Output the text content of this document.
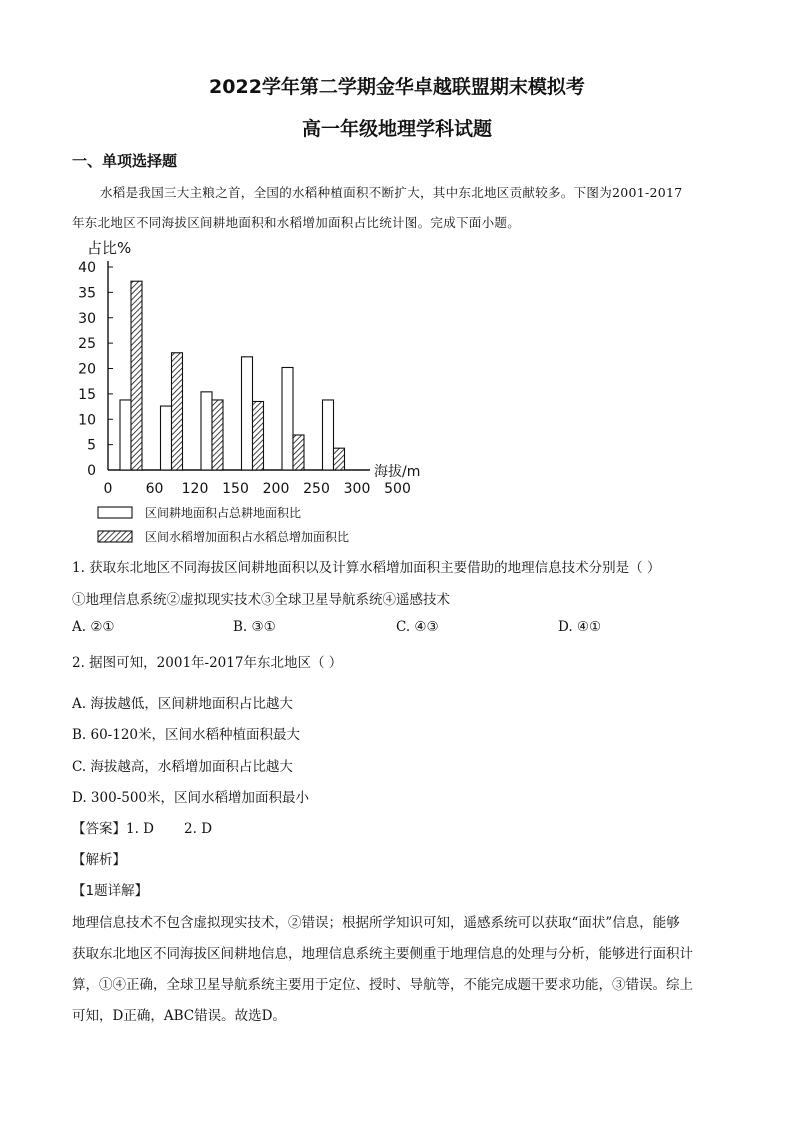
2022学年第二学期金华卓越联盟期末模拟考
高一年级地理学科试题
一、单项选择题
水稻是我国三大主粮之首，全国的水稻种植面积不断扩大，其中东北地区贡献较多。下图为2001-2017
年东北地区不同海拔区间耕地面积和水稻增加面积占比统计图。完成下面小题。
0
5
10
15
20
25
30
35
40
占比%
海拔/m
0 60 120 150 200 250 300 500
区间耕地面积占总耕地面积比
区间水稻增加面积占水稻总增加面积比
1. 获取东北地区不同海拔区间耕地面积以及计算水稻增加面积主要借助的地理信息技术分别是（ ）
①地理信息系统②虚拟现实技术③全球卫星导航系统④遥感技术
A. ②①	B. ③①	C. ④③	D. ④①
2. 据图可知，2001年-2017年东北地区（ ）
A. 海拔越低，区间耕地面积占比越大
B. 60-120米，区间水稻种植面积最大
C. 海拔越高，水稻增加面积占比越大
D. 300-500米，区间水稻增加面积最小
【答案】1. D       2. D
【解析】
【1题详解】
地理信息技术不包含虚拟现实技术，②错误；根据所学知识可知，遥感系统可以获取“面状”信息，能够
获取东北地区不同海拔区间耕地信息，地理信息系统主要侧重于地理信息的处理与分析，能够进行面积计
算，①④正确，全球卫星导航系统主要用于定位、授时、导航等，不能完成题干要求功能，③错误。综上
可知，D正确，ABC错误。故选D。
